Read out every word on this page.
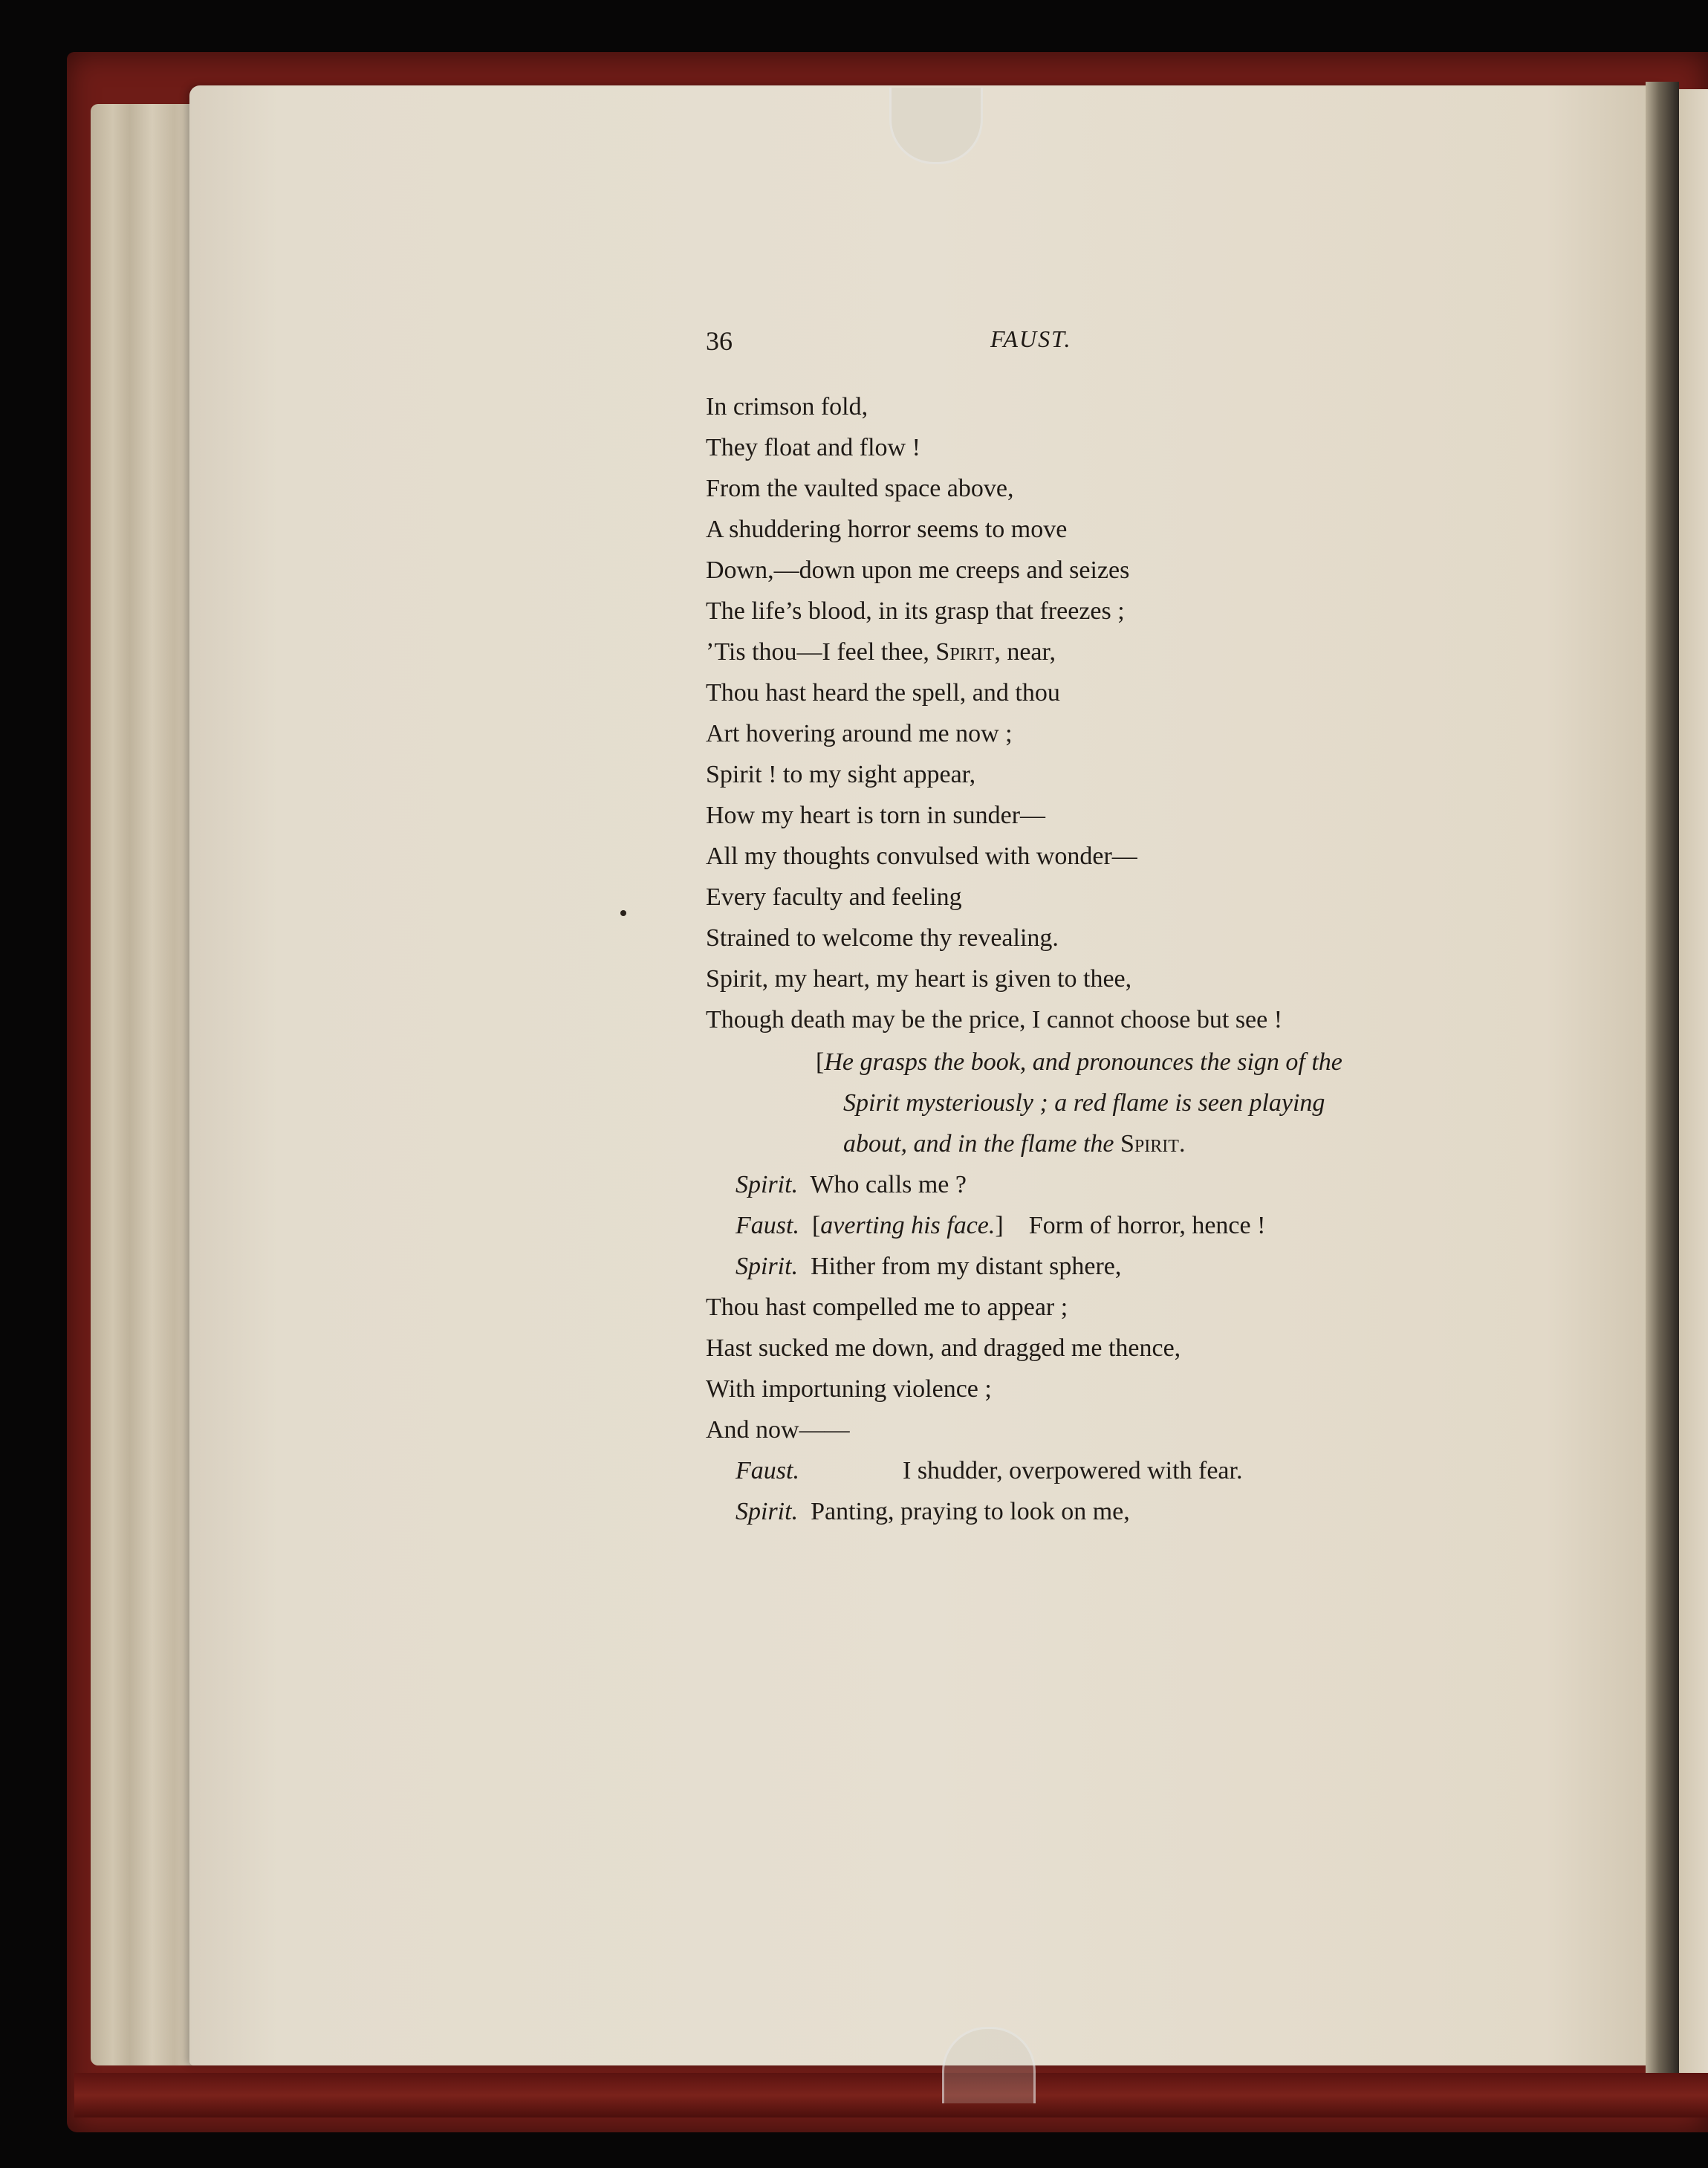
36	FAUST.
In crimson fold,
They float and flow !
From the vaulted space above,
A shuddering horror seems to move
Down,—down upon me creeps and seizes
The life’s blood, in its grasp that freezes ;
’Tis thou—I feel thee, Spirit, near,
Thou hast heard the spell, and thou
Art hovering around me now ;
Spirit ! to my sight appear,
How my heart is torn in sunder—
All my thoughts convulsed with wonder—
Every faculty and feeling
Strained to welcome thy revealing.
Spirit, my heart, my heart is given to thee,
Though death may be the price, I cannot choose but see !
[He grasps the book, and pronounces the sign of the
Spirit mysteriously ; a red flame is seen playing
about, and in the flame the Spirit.
Spirit. Who calls me ?
Faust. [averting his face.] Form of horror, hence !
Spirit. Hither from my distant sphere,
Thou hast compelled me to appear ;
Hast sucked me down, and dragged me thence,
With importuning violence ;
And now——
Faust.	I shudder, overpowered with fear.
Spirit. Panting, praying to look on me,
